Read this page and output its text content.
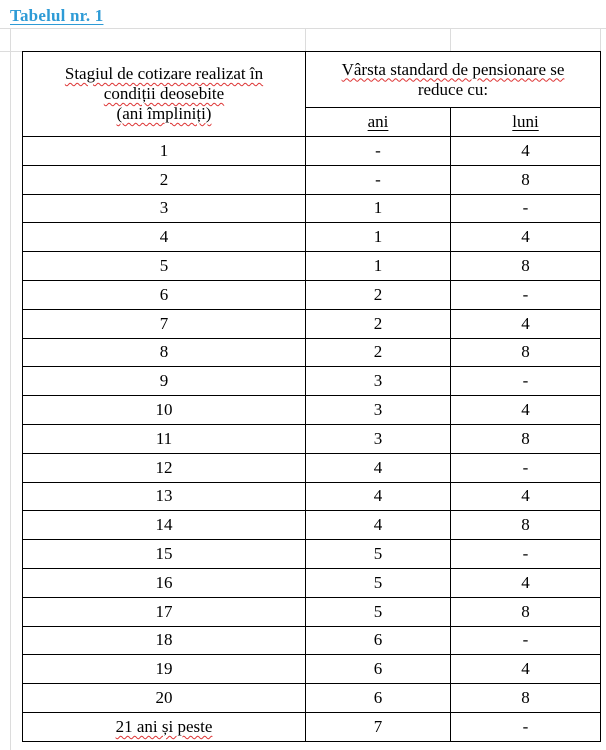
Tabelul nr. 1
Stagiul de cotizare realizat în
condiții deosebite
(ani împliniți)	Vârsta standard de pensionare se
reduce cu:	
	ani	luni
1	-	4
2	-	8
3	1	-
4	1	4
5	1	8
6	2	-
7	2	4
8	2	8
9	3	-
10	3	4
11	3	8
12	4	-
13	4	4
14	4	8
15	5	-
16	5	4
17	5	8
18	6	-
19	6	4
20	6	8
21 ani și peste	7	-
